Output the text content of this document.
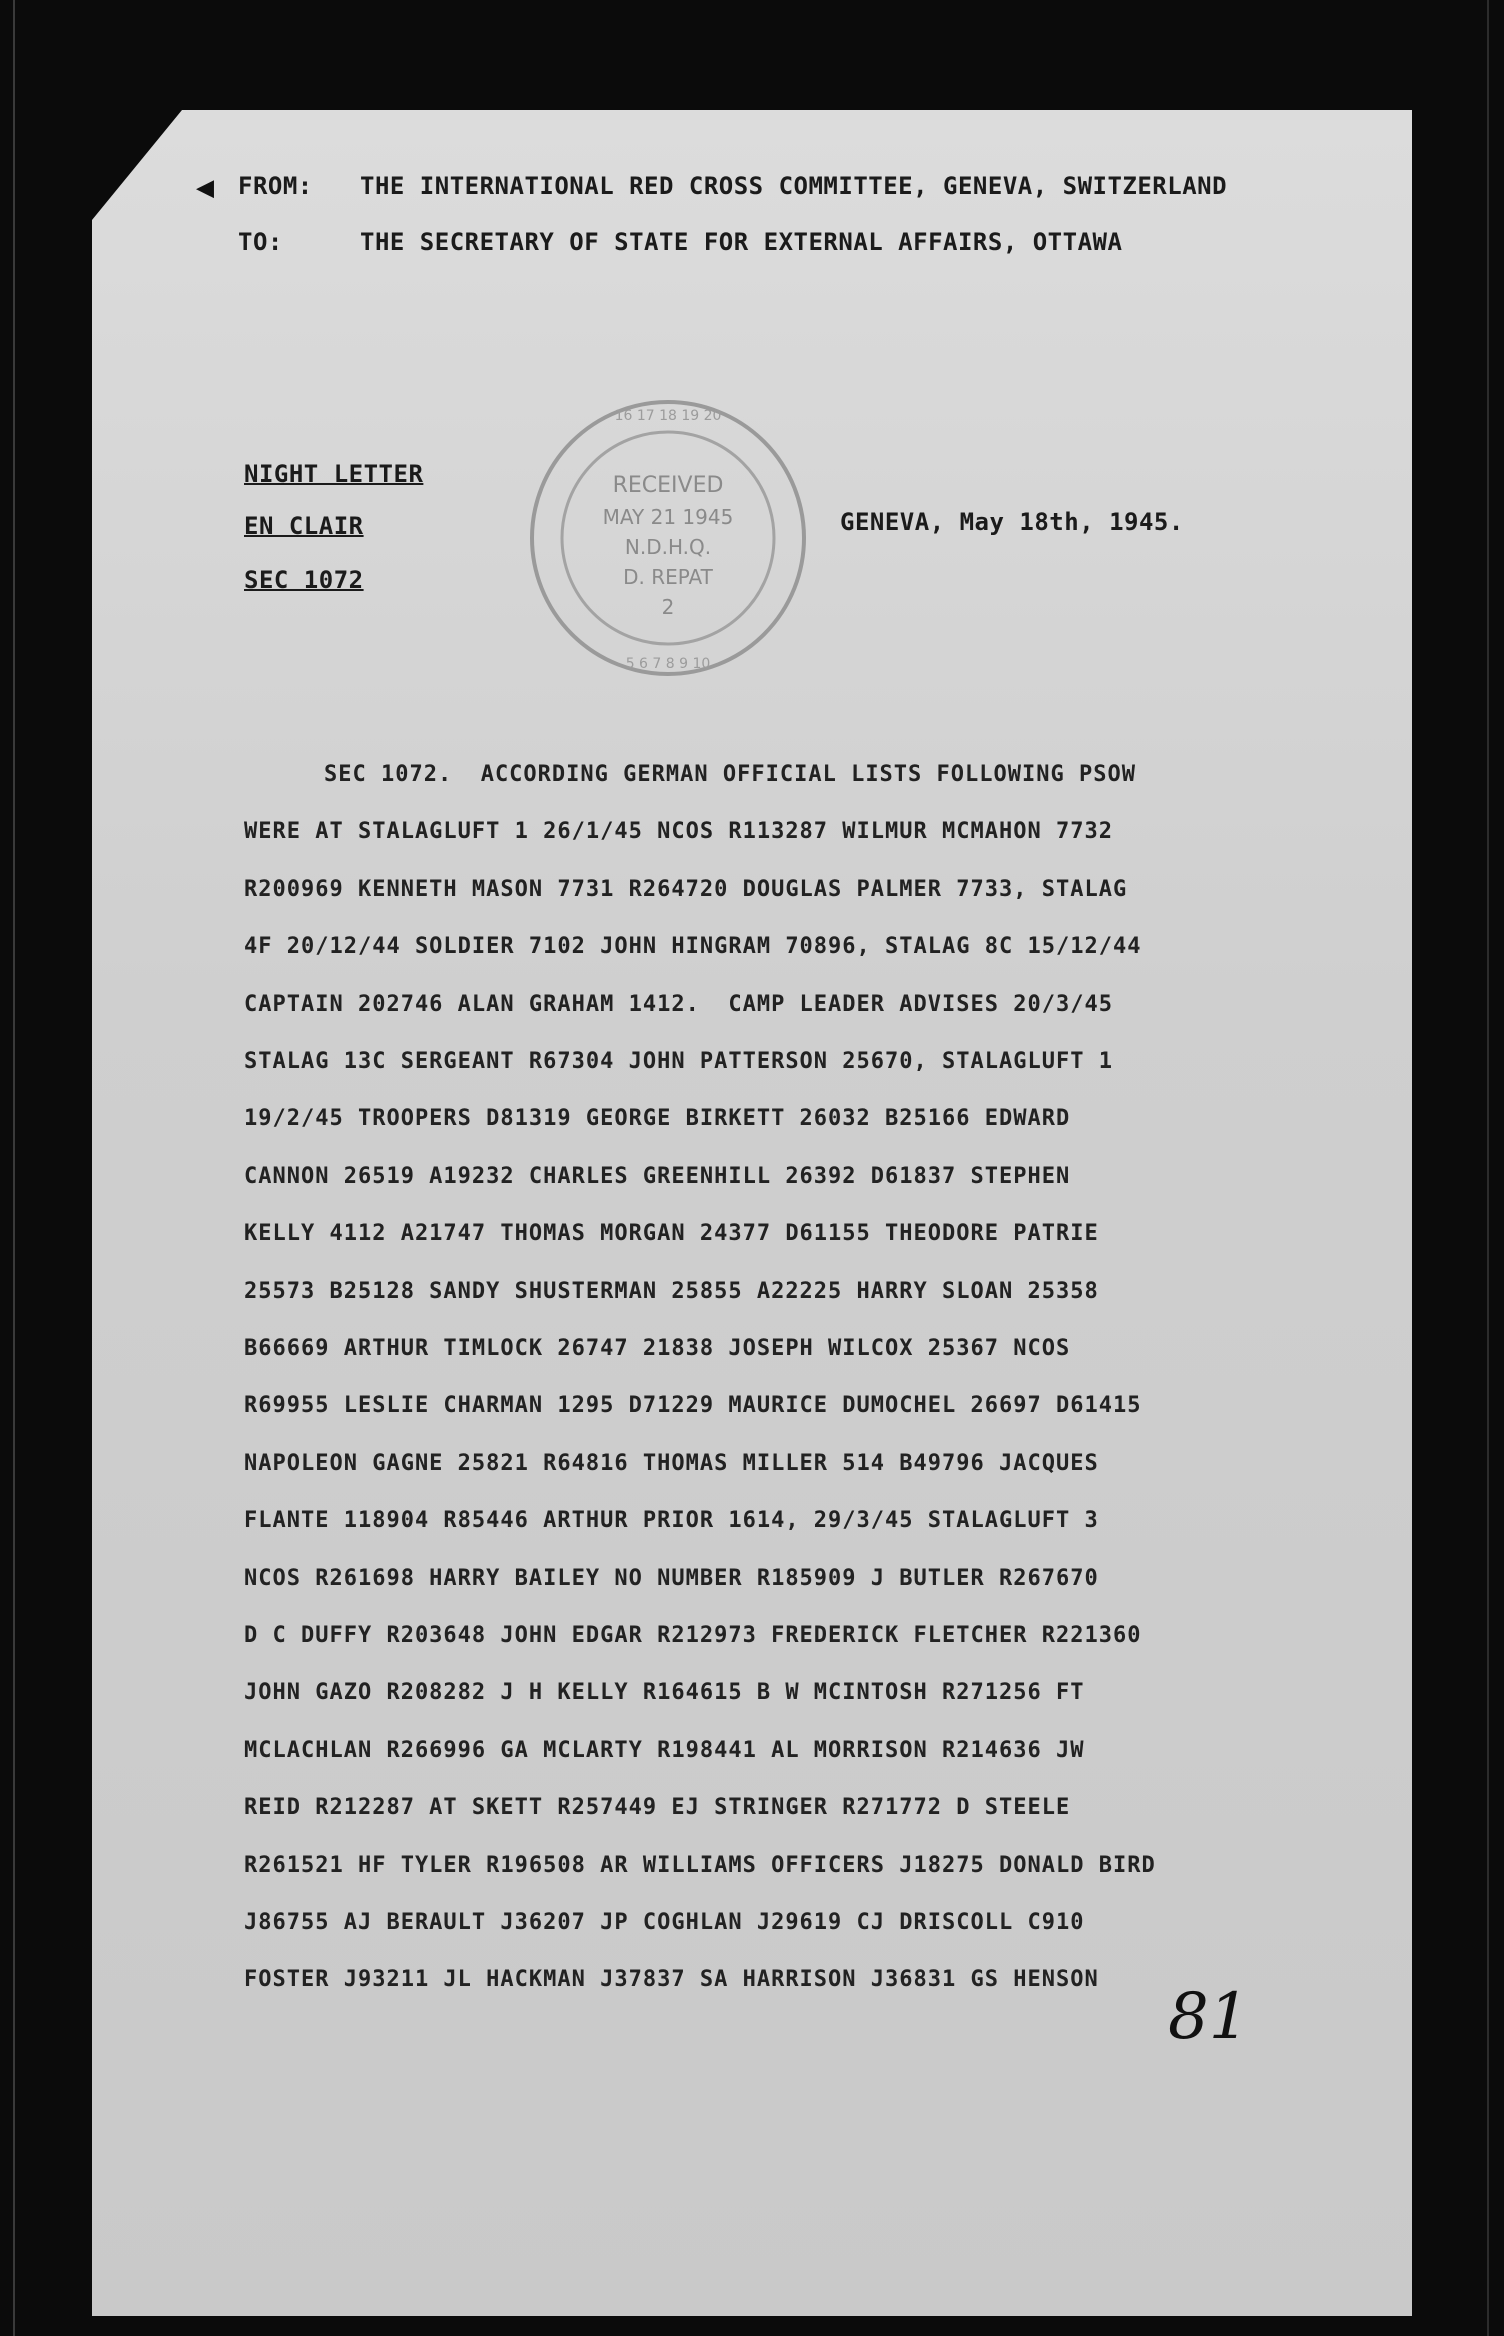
◀ FROM: THE INTERNATIONAL RED CROSS COMMITTEE, GENEVA, SWITZERLAND
TO:	THE SECRETARY OF STATE FOR EXTERNAL AFFAIRS, OTTAWA
NIGHT LETTER
EN CLAIR
SEC 1072
GENEVA, May 18th, 1945.
16 17 18 19 20
5 6 7 8 9 10
RECEIVED
MAY 21 1945
N.D.H.Q.
D. REPAT
2
SEC 1072.  ACCORDING GERMAN OFFICIAL LISTS FOLLOWING PSOW
WERE AT STALAGLUFT 1 26/1/45 NCOS R113287 WILMUR MCMAHON 7732
R200969 KENNETH MASON 7731 R264720 DOUGLAS PALMER 7733, STALAG
4F 20/12/44 SOLDIER 7102 JOHN HINGRAM 70896, STALAG 8C 15/12/44
CAPTAIN 202746 ALAN GRAHAM 1412.  CAMP LEADER ADVISES 20/3/45
STALAG 13C SERGEANT R67304 JOHN PATTERSON 25670, STALAGLUFT 1
19/2/45 TROOPERS D81319 GEORGE BIRKETT 26032 B25166 EDWARD
CANNON 26519 A19232 CHARLES GREENHILL 26392 D61837 STEPHEN
KELLY 4112 A21747 THOMAS MORGAN 24377 D61155 THEODORE PATRIE
25573 B25128 SANDY SHUSTERMAN 25855 A22225 HARRY SLOAN 25358
B66669 ARTHUR TIMLOCK 26747 21838 JOSEPH WILCOX 25367 NCOS
R69955 LESLIE CHARMAN 1295 D71229 MAURICE DUMOCHEL 26697 D61415
NAPOLEON GAGNE 25821 R64816 THOMAS MILLER 514 B49796 JACQUES
FLANTE 118904 R85446 ARTHUR PRIOR 1614, 29/3/45 STALAGLUFT 3
NCOS R261698 HARRY BAILEY NO NUMBER R185909 J BUTLER R267670
D C DUFFY R203648 JOHN EDGAR R212973 FREDERICK FLETCHER R221360
JOHN GAZO R208282 J H KELLY R164615 B W MCINTOSH R271256 FT
MCLACHLAN R266996 GA MCLARTY R198441 AL MORRISON R214636 JW
REID R212287 AT SKETT R257449 EJ STRINGER R271772 D STEELE
R261521 HF TYLER R196508 AR WILLIAMS OFFICERS J18275 DONALD BIRD
J86755 AJ BERAULT J36207 JP COGHLAN J29619 CJ DRISCOLL C910
FOSTER J93211 JL HACKMAN J37837 SA HARRISON J36831 GS HENSON
81
